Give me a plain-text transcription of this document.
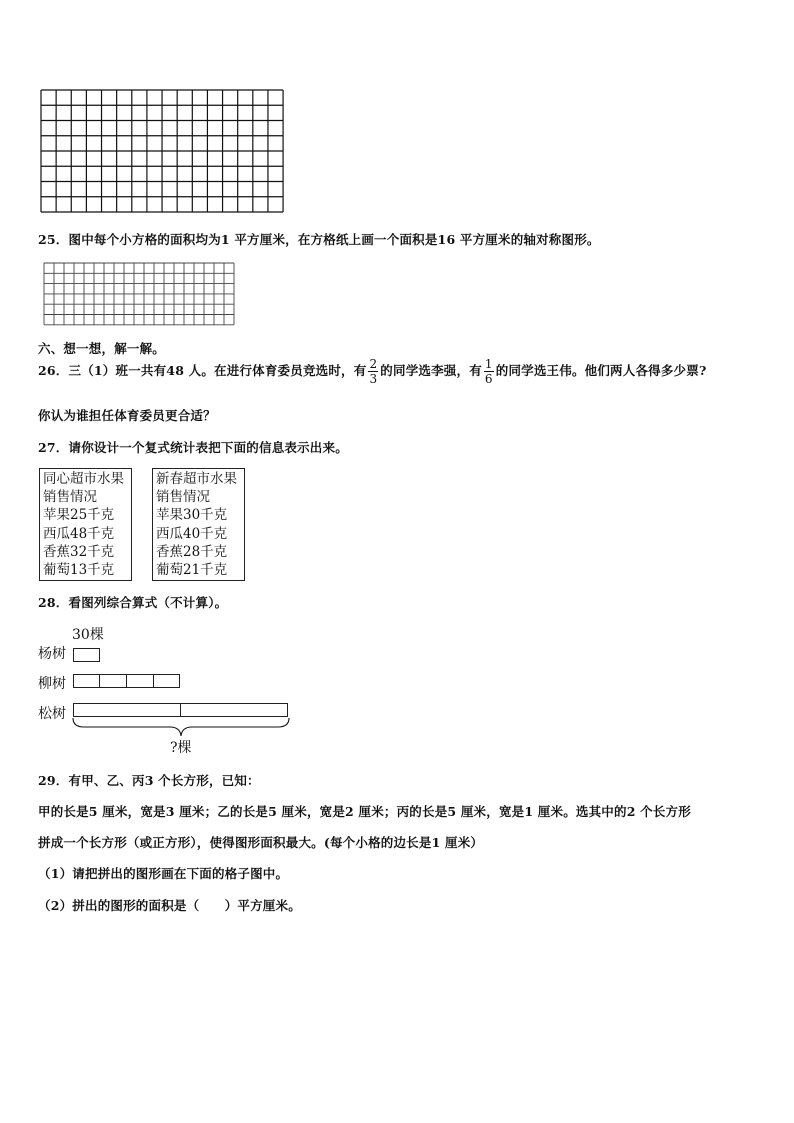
25．图中每个小方格的面积均为1 平方厘米，在方格纸上画一个面积是16 平方厘米的轴对称图形。
六、想一想，解一解。
26．三（1）班一共有48 人。在进行体育委员竞选时，有 $\frac{2}{3}$ 的同学选李强，有 $\frac{1}{6}$ 的同学选王伟。他们两人各得多少票?
你认为谁担任体育委员更合适？
27．请你设计一个复式统计表把下面的信息表示出来。
同心超市水果
销售情况
苹果25千克
西瓜48千克
香蕉32千克
葡萄13千克
新春超市水果
销售情况
苹果30千克
西瓜40千克
香蕉28千克
葡萄21千克
28．看图列综合算式（不计算）。
30棵
杨树
柳树
松树
?棵
29．有甲、乙、丙3 个长方形，已知：
甲的长是5 厘米，宽是3 厘米；乙的长是5 厘米，宽是2 厘米；丙的长是5 厘米，宽是1 厘米。选其中的2 个长方形
拼成一个长方形（或正方形），使得图形面积最大。(每个小格的边长是1 厘米）
（1）请把拼出的图形画在下面的格子图中。
（2）拼出的图形的面积是（　　）平方厘米。
